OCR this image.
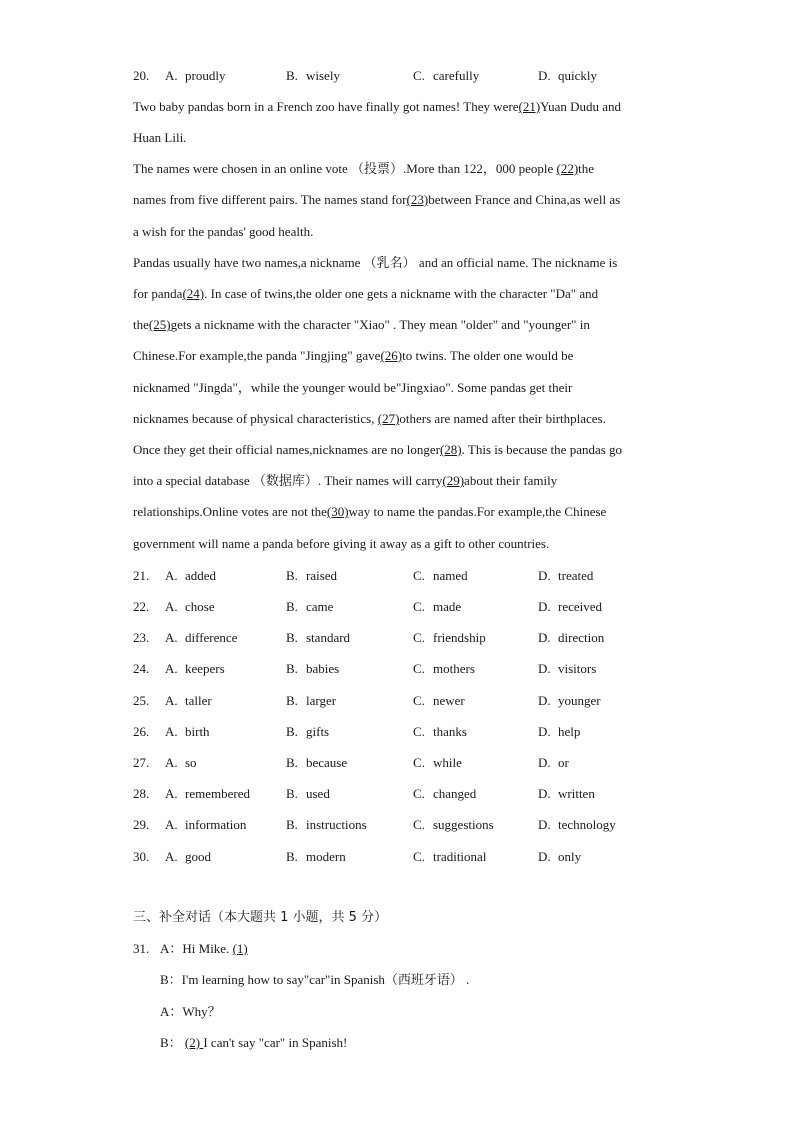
20. A. proudly	B. wisely	C. carefully	D. quickly
Two baby pandas born in a French zoo have finally got names! They were(21)Yuan Dudu and
Huan Lili.
The names were chosen in an online vote （投票）.More than 122，000 people (22)the
names from five different pairs. The names stand for(23)between France and China,as well as
a wish for the pandas' good health.
Pandas usually have two names,a nickname （乳名） and an official name. The nickname is
for panda(24). In case of twins,the older one gets a nickname with the character "Da" and
the(25)gets a nickname with the character "Xiao" . They mean "older" and "younger" in
Chinese.For example,the panda "Jingjing" gave(26)to twins. The older one would be
nicknamed "Jingda"，while the younger would be"Jingxiao". Some pandas get their
nicknames because of physical characteristics, (27)others are named after their birthplaces.
Once they get their official names,nicknames are no longer(28). This is because the pandas go
into a special database （数据库）. Their names will carry(29)about their family
relationships.Online votes are not the(30)way to name the pandas.For example,the Chinese
government will name a panda before giving it away as a gift to other countries.
21. A. added	B. raised	C. named	D. treated
22. A. chose	B. came	C. made	D. received
23. A. difference	B. standard	C. friendship	D. direction
24. A. keepers	B. babies	C. mothers	D. visitors
25. A. taller	B. larger	C. newer	D. younger
26. A. birth	B. gifts	C. thanks	D. help
27. A. so	B. because	C. while	D. or
28. A. remembered	B. used	C. changed	D. written
29. A. information	B. instructions	C. suggestions	D. technology
30. A. good	B. modern	C. traditional	D. only
三、补全对话（本大题共 1 小题，共 5 分）
31. A：Hi Mike. (1)
B：I'm learning how to say"car"in Spanish（西班牙语） .
A：Why？
B： (2) I can't say "car" in Spanish!
